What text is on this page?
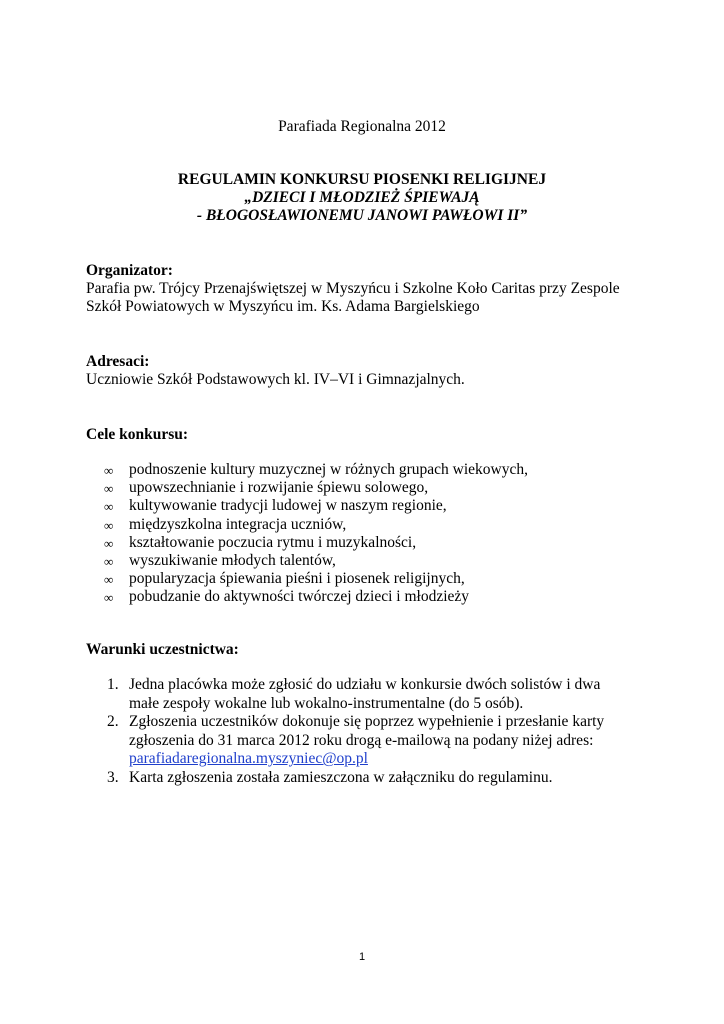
Parafiada Regionalna 2012
REGULAMIN KONKURSU PIOSENKI RELIGIJNEJ
„DZIECI I MŁODZIEŻ ŚPIEWAJĄ
- BŁOGOSŁAWIONEMU JANOWI PAWŁOWI II”
Organizator:
Parafia pw. Trójcy Przenajświętszej w Myszyńcu i Szkolne Koło Caritas przy Zespole
Szkół Powiatowych w Myszyńcu im. Ks. Adama Bargielskiego
Adresaci:
Uczniowie Szkół Podstawowych kl. IV–VI i Gimnazjalnych.
Cele konkursu:
∞ podnoszenie kultury muzycznej w różnych grupach wiekowych,
∞ upowszechnianie i rozwijanie śpiewu solowego,
∞ kultywowanie tradycji ludowej w naszym regionie,
∞ międzyszkolna integracja uczniów,
∞ kształtowanie poczucia rytmu i muzykalności,
∞ wyszukiwanie młodych talentów,
∞ popularyzacja śpiewania pieśni i piosenek religijnych,
∞ pobudzanie do aktywności twórczej dzieci i młodzieży
Warunki uczestnictwa:
1. Jedna placówka może zgłosić do udziału w konkursie dwóch solistów i dwa
małe zespoły wokalne lub wokalno-instrumentalne (do 5 osób).
2. Zgłoszenia uczestników dokonuje się poprzez wypełnienie i przesłanie karty
zgłoszenia do 31 marca 2012 roku drogą e-mailową na podany niżej adres:
parafiadaregionalna.myszyniec@op.pl
3. Karta zgłoszenia została zamieszczona w załączniku do regulaminu.
1
